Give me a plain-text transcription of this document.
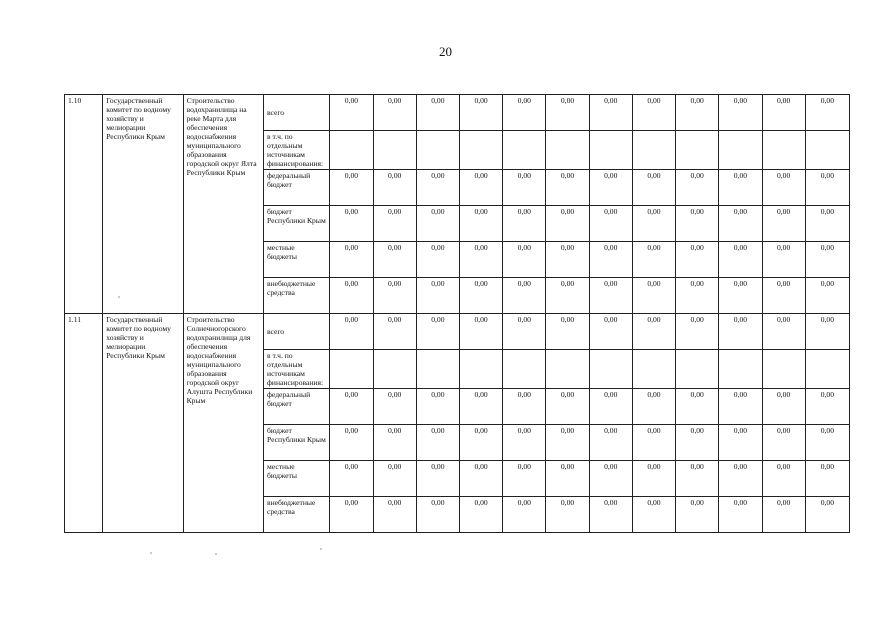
20
1.10	Государственный комитет по водному хозяйству и мелиорации Республики Крым	Строительство водохранилища на реке Марта для обеспечения водоснабжения муниципального образования городской округ Ялта Республики Крым	всего	0,00	0,00	0,00	0,00	0,00	0,00	0,00	0,00	0,00	0,00	0,00	0,00
			в т.ч. по отдельным источникам финансирования:												
			федеральный бюджет	0,00	0,00	0,00	0,00	0,00	0,00	0,00	0,00	0,00	0,00	0,00	0,00
			бюджет Республики Крым	0,00	0,00	0,00	0,00	0,00	0,00	0,00	0,00	0,00	0,00	0,00	0,00
			местные бюджеты	0,00	0,00	0,00	0,00	0,00	0,00	0,00	0,00	0,00	0,00	0,00	0,00
			внебюджетные средства	0,00	0,00	0,00	0,00	0,00	0,00	0,00	0,00	0,00	0,00	0,00	0,00
1.11	Государственный комитет по водному хозяйству и мелиорации Республики Крым	Строительство Солнечногорского водохранилища для обеспечения водоснабжения муниципального образования городской округ Алушта Республики Крым	всего	0,00	0,00	0,00	0,00	0,00	0,00	0,00	0,00	0,00	0,00	0,00	0,00
			в т.ч. по отдельным источникам финансирования:												
			федеральный бюджет	0,00	0,00	0,00	0,00	0,00	0,00	0,00	0,00	0,00	0,00	0,00	0,00
			бюджет Республики Крым	0,00	0,00	0,00	0,00	0,00	0,00	0,00	0,00	0,00	0,00	0,00	0,00
			местные бюджеты	0,00	0,00	0,00	0,00	0,00	0,00	0,00	0,00	0,00	0,00	0,00	0,00
			внебюджетные средства	0,00	0,00	0,00	0,00	0,00	0,00	0,00	0,00	0,00	0,00	0,00	0,00
